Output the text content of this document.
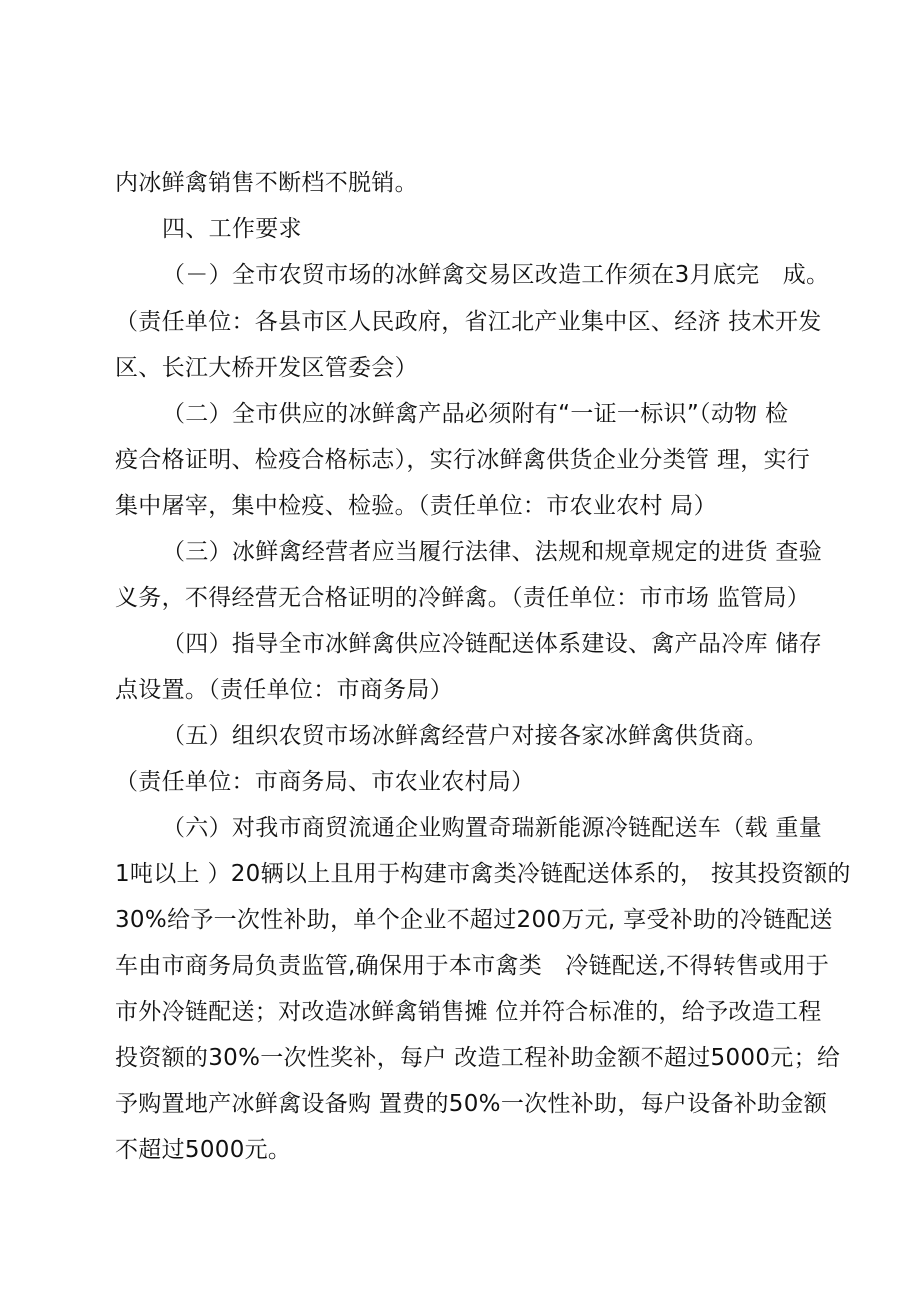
内冰鲜禽销售不断档不脱销。
四、工作要求
（－）全市农贸市场的冰鲜禽交易区改造工作须在3月底完　成。
（责任单位：各县市区人民政府，省江北产业集中区、经济 技术开发
区、长江大桥开发区管委会）
（二）全市供应的冰鲜禽产品必须附有“一证一标识”（动物 检
疫合格证明、检疫合格标志），实行冰鲜禽供货企业分类管 理，实行
集中屠宰，集中检疫、检验。（责任单位：市农业农村 局）
（三）冰鲜禽经营者应当履行法律、法规和规章规定的进货 查验
义务，不得经营无合格证明的冷鲜禽。（责任单位：市市场 监管局）
（四）指导全市冰鲜禽供应冷链配送体系建设、禽产品冷库 储存
点设置。（责任单位：市商务局）
（五）组织农贸市场冰鲜禽经营户对接各家冰鲜禽供货商。
（责任单位：市商务局、市农业农村局）
（六）对我市商贸流通企业购置奇瑞新能源冷链配送车（载 重量
1吨以上 ）20辆以上且用于构建市禽类冷链配送体系的， 按其投资额的
30%给予一次性补助，单个企业不超过200万元, 享受补助的冷链配送
车由市商务局负责监管,确保用于本市禽类　冷链配送,不得转售或用于
市外冷链配送；对改造冰鲜禽销售摊 位并符合标准的，给予改造工程
投资额的30%一次性奖补，每户 改造工程补助金额不超过5000元；给
予购置地产冰鲜禽设备购 置费的50%一次性补助，每户设备补助金额
不超过5000元。
